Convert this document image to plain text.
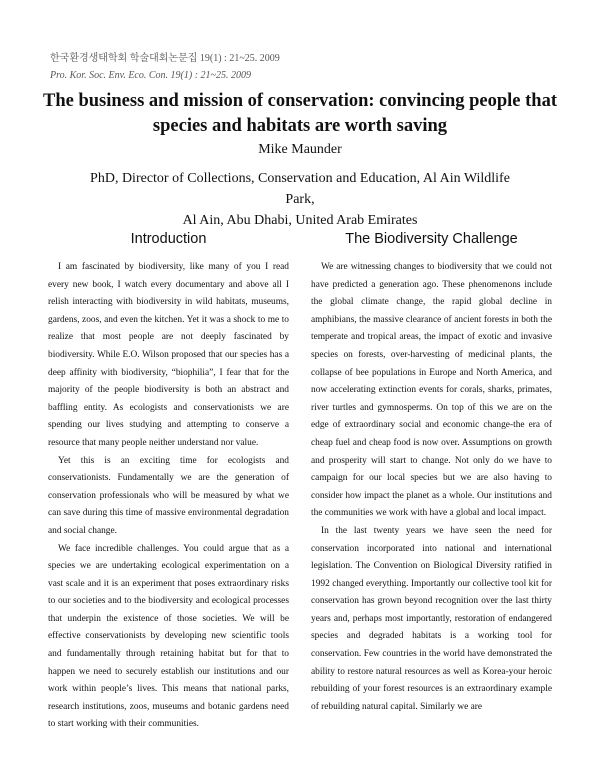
한국환경생태학회 학술대회논문집 19(1) : 21~25. 2009
Pro. Kor. Soc. Env. Eco. Con. 19(1) : 21~25. 2009
The business and mission of conservation: convincing people that species and habitats are worth saving

Mike Maunder

PhD, Director of Collections, Conservation and Education, Al Ain Wildlife Park,
Al Ain, Abu Dhabi, United Arab Emirates
Introduction

I am fascinated by biodiversity, like many of you I read every new book, I watch every documentary and above all I relish interacting with biodiversity in wild habitats, museums, gardens, zoos, and even the kitchen. Yet it was a shock to me to realize that most people are not deeply fascinated by biodiversity. While E.O. Wilson proposed that our species has a deep affinity with biodiversity, “biophilia”, I fear that for the majority of the people biodiversity is both an abstract and baffling entity. As ecologists and conservationists we are spending our lives studying and attempting to conserve a resource that many people neither understand nor value.

Yet this is an exciting time for ecologists and conservationists. Fundamentally we are the generation of conservation professionals who will be measured by what we can save during this time of massive environmental degradation and social change.

We face incredible challenges. You could argue that as a species we are undertaking ecological experimentation on a vast scale and it is an experiment that poses extraordinary risks to our societies and to the biodiversity and ecological processes that underpin the existence of those societies. We will be effective conservationists by developing new scientific tools and fundamentally through retaining habitat but for that to happen we need to securely establish our institutions and our work within people’s lives. This means that national parks, research institutions, zoos, museums and botanic gardens need to start working with their communities.

The Biodiversity Challenge

We are witnessing changes to biodiversity that we could not have predicted a generation ago. These phenomenons include the global climate change, the rapid global decline in amphibians, the massive clearance of ancient forests in both the temperate and tropical areas, the impact of exotic and invasive species on forests, over-harvesting of medicinal plants, the collapse of bee populations in Europe and North America, and now accelerating extinction events for corals, sharks, primates, river turtles and gymnosperms. On top of this we are on the edge of extraordinary social and economic change-the era of cheap fuel and cheap food is now over. Assumptions on growth and prosperity will start to change. Not only do we have to campaign for our local species but we are also having to consider how impact the planet as a whole. Our institutions and the communities we work with have a global and local impact.

In the last twenty years we have seen the need for conservation incorporated into national and international legislation. The Convention on Biological Diversity ratified in 1992 changed everything. Importantly our collective tool kit for conservation has grown beyond recognition over the last thirty years and, perhaps most importantly, restoration of endangered species and degraded habitats is a working tool for conservation. Few countries in the world have demonstrated the ability to restore natural resources as well as Korea-your heroic rebuilding of your forest resources is an extraordinary example of rebuilding natural capital. Similarly we are
